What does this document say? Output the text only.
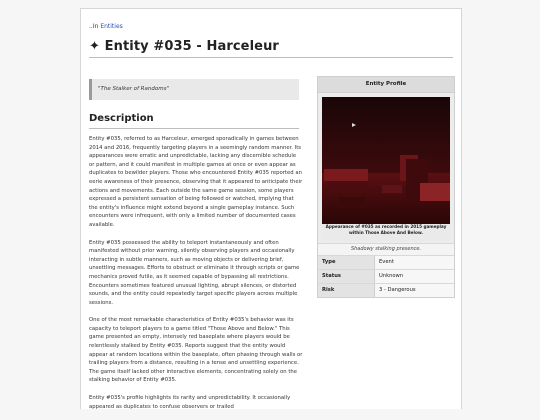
..In Entities
✦ Entity #035 - Harceleur
"The Stalker of Randoms"
Description

Entity #035, referred to as Harceleur, emerged sporadically in games between 2014 and 2016, frequently targeting players in a seemingly random manner. Its appearances were erratic and unpredictable, lacking any discernible schedule or pattern, and it could manifest in multiple games at once or even appear as duplicates to bewilder players. Those who encountered Entity #035 reported an eerie awareness of their presence, observing that it appeared to anticipate their actions and movements. Each outside the same game session, some players expressed a persistent sensation of being followed or watched, implying that the entity's influence might extend beyond a single gameplay instance. Such encounters were infrequent, with only a limited number of documented cases available.

Entity #035 possessed the ability to teleport instantaneously and often manifested without prior warning, silently observing players and occasionally interacting in subtle manners, such as moving objects or delivering brief, unsettling messages. Efforts to obstruct or eliminate it through scripts or game mechanics proved futile, as it seemed capable of bypassing all restrictions. Encounters sometimes featured unusual lighting, abrupt silences, or distorted sounds, and the entity could repeatedly target specific players across multiple sessions.

One of the most remarkable characteristics of Entity #035's behavior was its capacity to teleport players to a game titled "Those Above and Below." This game presented an empty, intensely red baseplate where players would be relentlessly stalked by Entity #035. Reports suggest that the entity would appear at random locations within the baseplate, often phasing through walls or trailing players from a distance, resulting in a tense and unsettling experience. The game itself lacked other interactive elements, concentrating solely on the stalking behavior of Entity #035.

Entity #035's profile highlights its rarity and unpredictability. It occasionally appeared as duplicates to confuse observers or trailed

Entity Profile
Appearance of #035 as recorded in 2015 gameplay within Those Above And Below.
Shadowy stalking presence.
Type	Event
Status	Unknown
Risk	3 - Dangerous
